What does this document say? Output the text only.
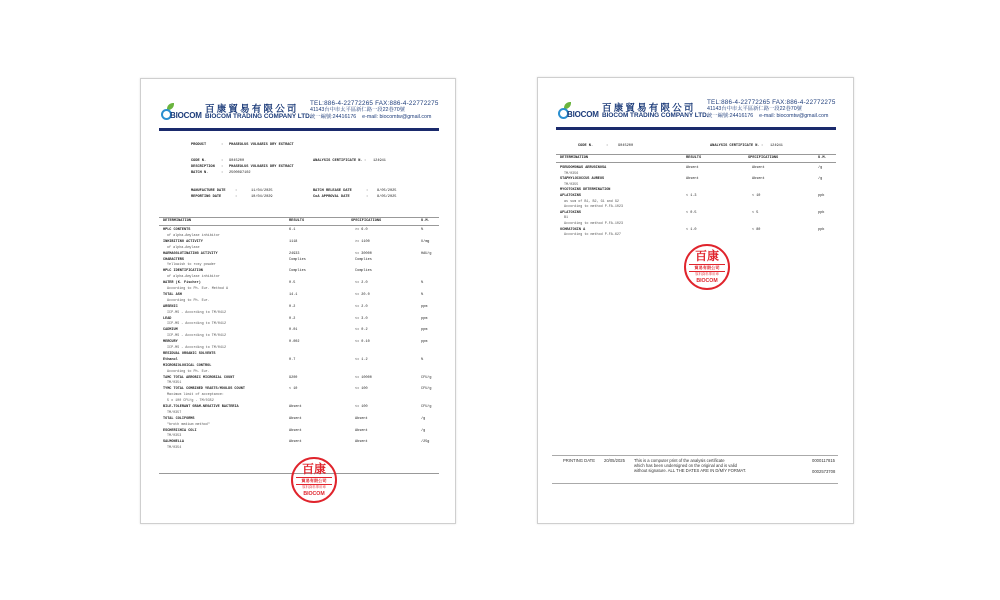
BIOCOM
百康貿易有限公司
BIOCOM TRADING COMPANY LTD.
TEL:886-4-22772265 FAX:886-4-22772275
41143台中市太平區新仁路一段22巷70號
統一編號:24416176 e-mail: biocomtw@gmail.com
PRODUCT	: PHASEOLUS VULGARIS DRY EXTRACT
CODE N.	: 9045200
DESCRIPTION : PHASEOLUS VULGARIS DRY EXTRACT
BATCH N.	: 2500097102
ANALYSIS CERTIFICATE N. : 124941
MANUFACTURE DATE	:	11/04/2025
REPORTING DATE	:	10/04/2029
BATCH RELEASE DATE	: 8/05/2025
CoA APPROVAL DATE	: 8/05/2025
DETERMINATION	RESULTS	SPECIFICATIONS	U.M.
HPLC CONTENTS
of alpha-Amylase inhibitor
6.1	>= 6.0	%
INHIBITING ACTIVITY
of alpha-Amylase
1118	>= 1100	U/mg
HAEMAGGLUTINATING ACTIVITY	24933	<= 30000	HAU/g
CHARACTERS
Yellowish to rosy powder
Complies	Complies
HPLC IDENTIFICATION
of alpha-Amylase inhibitor
Complies	Complies
WATER (K. Fischer)
According to Ph. Eur. Method A
0.5	<= 2.0	%
TOTAL ASH
According to Ph. Eur.
14.1	<= 20.0	%
ARSENIC
ICP-MS - According to TM/0412
0.2	<= 2.0	ppm
LEAD
ICP-MS - According to TM/0412
0.2	<= 3.0	ppm
CADMIUM
ICP-MS - According to TM/0412
0.01	<= 0.2	ppm
MERCURY
ICP-MS - According to TM/0412
0.002	<= 0.10	ppm
RESIDUAL ORGANIC SOLVENTS
Ethanol	0.7	<= 1.2	%
MICROBIOLOGICAL CONTROL
According to Ph. Eur.
TAMC TOTAL AEROBIC MICROBIAL COUNT
TM/0351
9200	<= 10000	CFU/g
TYMC TOTAL COMBINED YEASTS/MOULDS COUNT
Maximum limit of acceptance:
5 x 100 CFU/g - TM/0352
< 10	<= 100	CFU/g
BILE-TOLERANT GRAM-NEGATIVE BACTERIA
TM/0357
Absent	<= 100	CFU/g
TOTAL COLIFORMS
"broth medium method"
Absent	Absent	/g
ESCHERICHIA COLI
TM/0353
Absent	Absent	/g
SALMONELLA
TM/0354
Absent	Absent	/25g
百康
貿易有限公司
原料資料專用章
BIOCOM
BIOCOM
百康貿易有限公司
BIOCOM TRADING COMPANY LTD.
TEL:886-4-22772265 FAX:886-4-22772275
41143台中市太平區新仁路一段22巷70號
統一編號:24416176 e-mail: biocomtw@gmail.com
CODE N.	:	9045200	ANALYSIS CERTIFICATE N. : 124941
DETERMINATION	RESULTS	SPECIFICATIONS	U.M.
PSEUDOMONAS AERUGINOSA
TM/0356
Absent	Absent	/g
STAPHYLOCOCCUS AUREUS
TM/0355
Absent	Absent	/g
MYCOTOXINS DETERMINATION
AFLATOXINS
as sum of B1, B2, G1 and G2
According to method P-FA-1023
< 1.3	< 10	ppb
AFLATOXINS
B1
According to method P-FA-1023
< 0.5	< 5	ppb
OCHRATOXIN A
According to method P-FA-627
< 1.0	< 80	ppb
百康
貿易有限公司
原料資料專用章
BIOCOM
PRINTING DATE 20/05/2025 This is a computer print of the analysis certificate
which has been undersigned on the original and is valid
without signature. ALL THE DATES ARE IN D/M/Y FORMAT.
0000117815
0002573708
